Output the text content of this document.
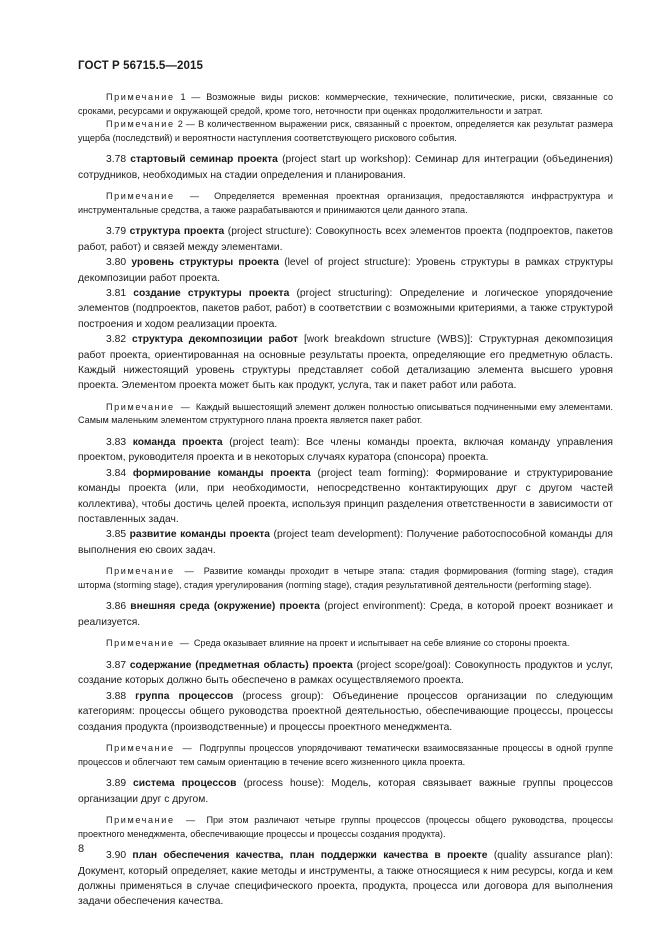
ГОСТ Р 56715.5—2015

Примечание 1 — Возможные виды рисков: коммерческие, технические, политические, риски, связанные со сроками, ресурсами и окружающей средой, кроме того, неточности при оценках продолжительности и затрат.

Примечание 2 — В количественном выражении риск, связанный с проектом, определяется как результат размера ущерба (последствий) и вероятности наступления соответствующего рискового события.

3.78 стартовый семинар проекта (project start up workshop): Семинар для интеграции (объединения) сотрудников, необходимых на стадии определения и планирования.

Примечание — Определяется временная проектная организация, предоставляются инфраструктура и инструментальные средства, а также разрабатываются и принимаются цели данного этапа.

3.79 структура проекта (project structure): Совокупность всех элементов проекта (подпроектов, пакетов работ, работ) и связей между элементами.

3.80 уровень структуры проекта (level of project structure): Уровень структуры в рамках структуры декомпозиции работ проекта.

3.81 создание структуры проекта (project structuring): Определение и логическое упорядочение элементов (подпроектов, пакетов работ, работ) в соответствии с возможными критериями, а также структурой построения и ходом реализации проекта.

3.82 структура декомпозиции работ [work breakdown structure (WBS)]: Структурная декомпозиция работ проекта, ориентированная на основные результаты проекта, определяющие его предметную область. Каждый нижестоящий уровень структуры представляет собой детализацию элемента высшего уровня проекта. Элементом проекта может быть как продукт, услуга, так и пакет работ или работа.

Примечание — Каждый вышестоящий элемент должен полностью описываться подчиненными ему элементами. Самым маленьким элементом структурного плана проекта является пакет работ.

3.83 команда проекта (project team): Все члены команды проекта, включая команду управления проектом, руководителя проекта и в некоторых случаях куратора (спонсора) проекта.

3.84 формирование команды проекта (project team forming): Формирование и структурирование команды проекта (или, при необходимости, непосредственно контактирующих друг с другом частей коллектива), чтобы достичь целей проекта, используя принцип разделения ответственности в зависимости от поставленных задач.

3.85 развитие команды проекта (project team development): Получение работоспособной команды для выполнения ею своих задач.

Примечание — Развитие команды проходит в четыре этапа: стадия формирования (forming stage), стадия шторма (storming stage), стадия урегулирования (norming stage), стадия результативной деятельности (performing stage).

3.86 внешняя среда (окружение) проекта (project environment): Среда, в которой проект возникает и реализуется.

Примечание — Среда оказывает влияние на проект и испытывает на себе влияние со стороны проекта.

3.87 содержание (предметная область) проекта (project scope/goal): Совокупность продуктов и услуг, создание которых должно быть обеспечено в рамках осуществляемого проекта.

3.88 группа процессов (process group): Объединение процессов организации по следующим категориям: процессы общего руководства проектной деятельностью, обеспечивающие процессы, процессы создания продукта (производственные) и процессы проектного менеджмента.

Примечание — Подгруппы процессов упорядочивают тематически взаимосвязанные процессы в одной группе процессов и облегчают тем самым ориентацию в течение всего жизненного цикла проекта.

3.89 система процессов (process house): Модель, которая связывает важные группы процессов организации друг с другом.

Примечание — При этом различают четыре группы процессов (процессы общего руководства, процессы проектного менеджмента, обеспечивающие процессы и процессы создания продукта).

3.90 план обеспечения качества, план поддержки качества в проекте (quality assurance plan): Документ, который определяет, какие методы и инструменты, а также относящиеся к ним ресурсы, когда и кем должны применяться в случае специфического проекта, продукта, процесса или договора для выполнения задачи обеспечения качества.

8
